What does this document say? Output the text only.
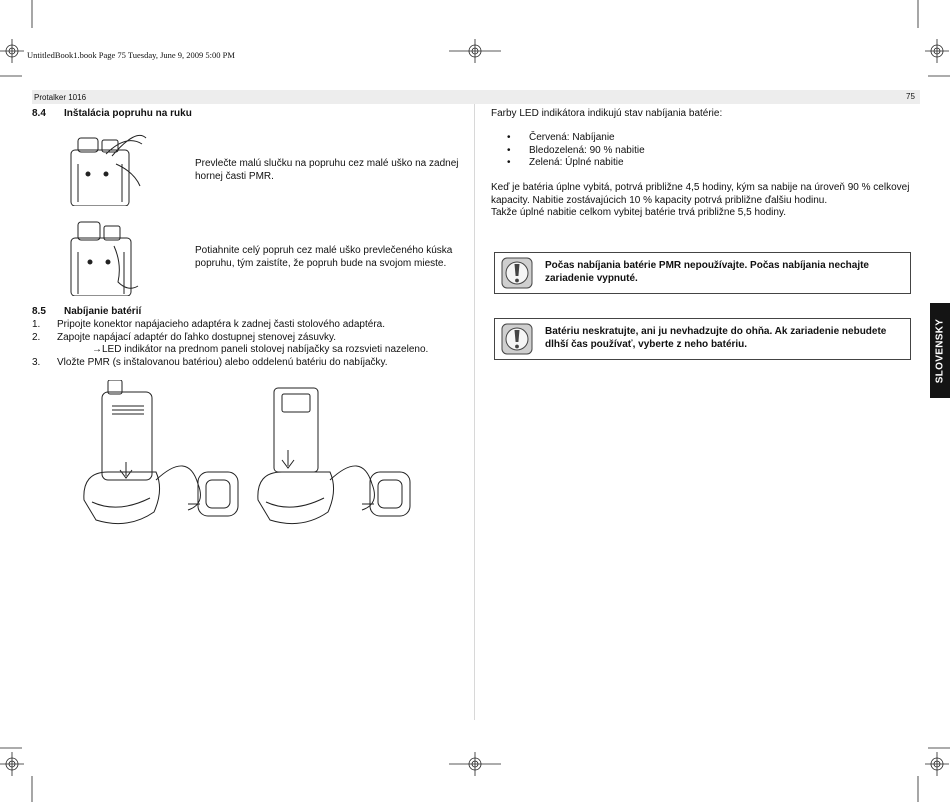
UntitledBook1.book Page 75 Tuesday, June 9, 2009 5:00 PM
Protalker 1016	75
8.4 Inštalácia popruhu na ruku
Prevlečte malú slučku na popruhu cez malé uško na zadnej hornej časti PMR.
Potiahnite celý popruh cez malé uško prevlečeného kúska popruhu, tým zaistíte, že popruh bude na svojom mieste.
8.5 Nabíjanie batérií
1. Pripojte konektor napájacieho adaptéra k zadnej časti stolového adaptéra.
2. Zapojte napájací adaptér do ľahko dostupnej stenovej zásuvky.
→LED indikátor na prednom paneli stolovej nabíjačky sa rozsvieti nazeleno.
3. Vložte PMR (s inštalovanou batériou) alebo oddelenú batériu do nabíjačky.
Farby LED indikátora indikujú stav nabíjania batérie:
• Červená: Nabíjanie
• Bledozelená: 90 % nabitie
• Zelená: Úplné nabitie
Keď je batéria úplne vybitá, potrvá približne 4,5 hodiny, kým sa nabije na úroveň 90 % celkovej kapacity. Nabitie zostávajúcich 10 % kapacity potrvá približne ďalšiu hodinu.
Takže úplné nabitie celkom vybitej batérie trvá približne 5,5 hodiny.
Počas nabíjania batérie PMR nepoužívajte. Počas nabíjania nechajte zariadenie vypnuté.
Batériu neskratujte, ani ju nevhadzujte do ohňa. Ak zariadenie nebudete dlhší čas používať, vyberte z neho batériu.	SLOVENSKY
